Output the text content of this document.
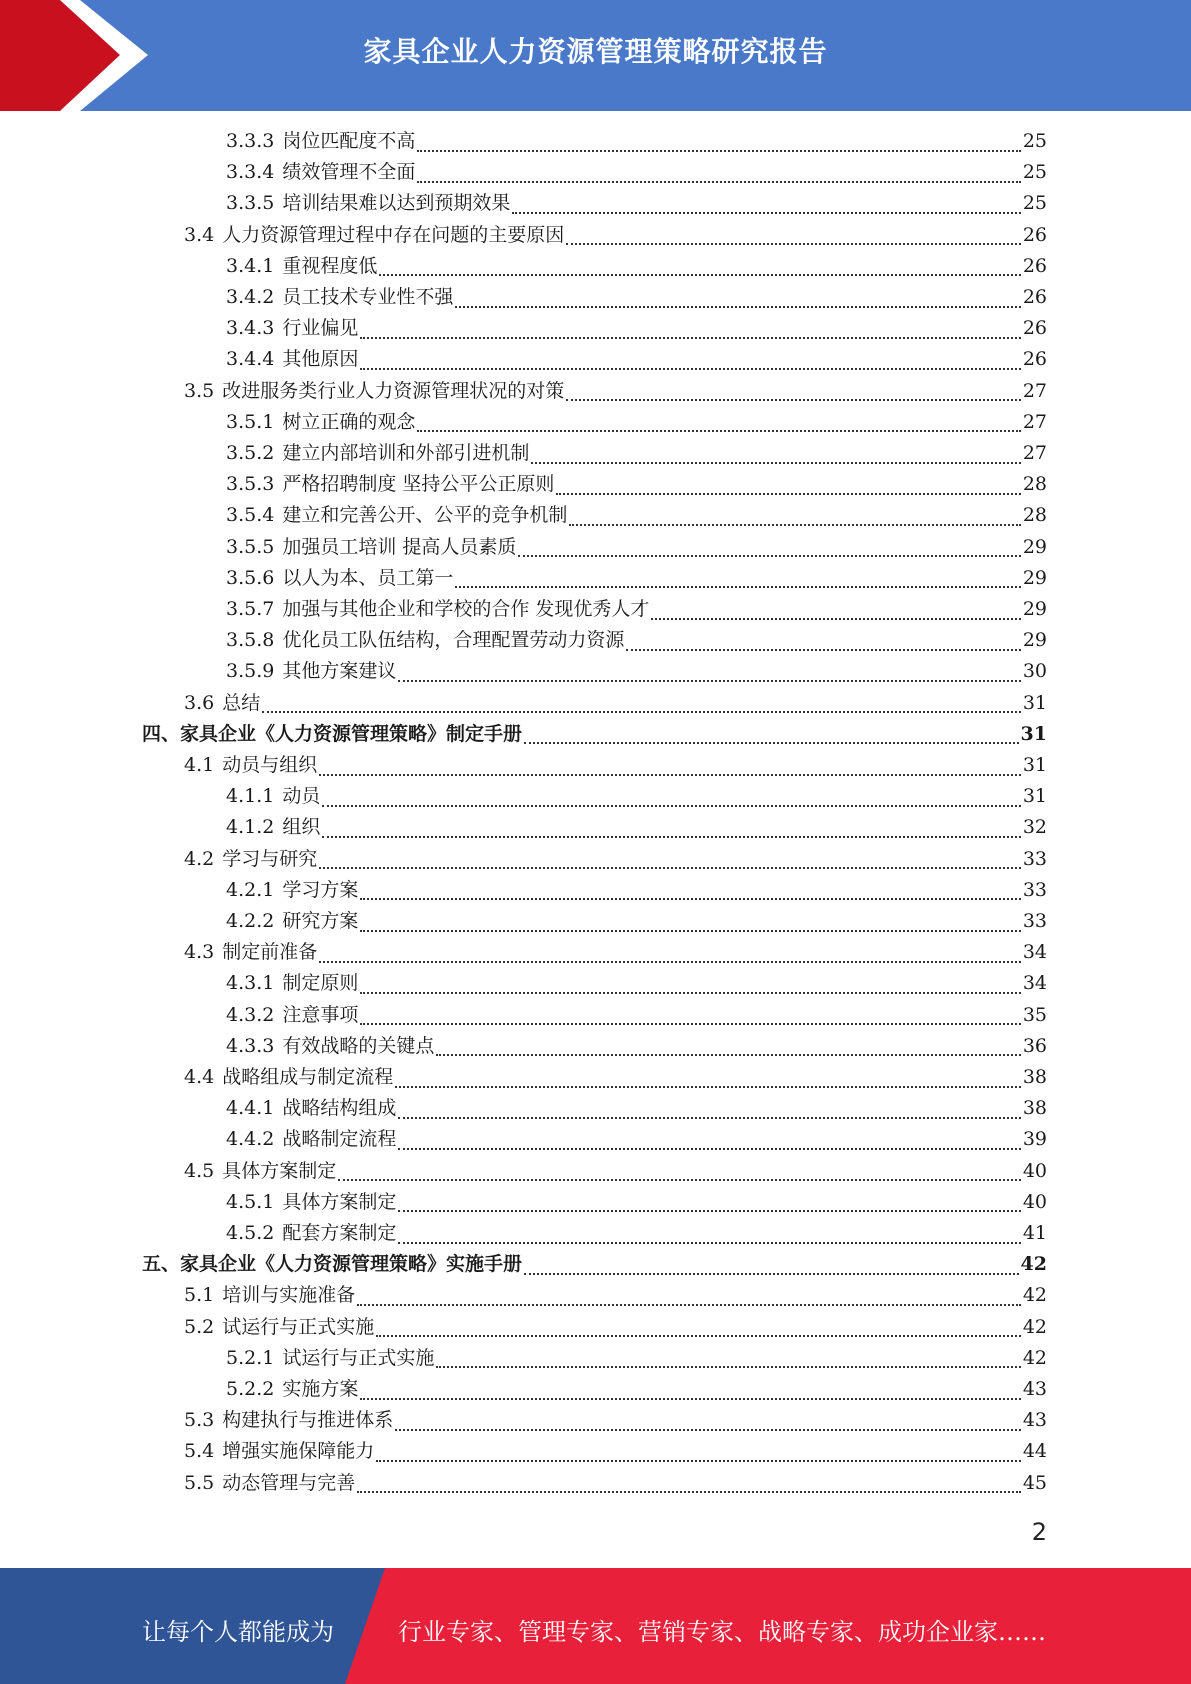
家具企业人力资源管理策略研究报告
3.3.3 岗位匹配度不高	25
3.3.4 绩效管理不全面	25
3.3.5 培训结果难以达到预期效果	25
3.4 人力资源管理过程中存在问题的主要原因	26
3.4.1 重视程度低	26
3.4.2 员工技术专业性不强	26
3.4.3 行业偏见	26
3.4.4 其他原因	26
3.5 改进服务类行业人力资源管理状况的对策	27
3.5.1 树立正确的观念	27
3.5.2 建立内部培训和外部引进机制	27
3.5.3 严格招聘制度 坚持公平公正原则	28
3.5.4 建立和完善公开、公平的竞争机制	28
3.5.5 加强员工培训 提高人员素质	29
3.5.6 以人为本、员工第一	29
3.5.7 加强与其他企业和学校的合作 发现优秀人才	29
3.5.8 优化员工队伍结构，合理配置劳动力资源	29
3.5.9 其他方案建议	30
3.6 总结	31
四、家具企业《人力资源管理策略》制定手册	31
4.1 动员与组织	31
4.1.1 动员	31
4.1.2 组织	32
4.2 学习与研究	33
4.2.1 学习方案	33
4.2.2 研究方案	33
4.3 制定前准备	34
4.3.1 制定原则	34
4.3.2 注意事项	35
4.3.3 有效战略的关键点	36
4.4 战略组成与制定流程	38
4.4.1 战略结构组成	38
4.4.2 战略制定流程	39
4.5 具体方案制定	40
4.5.1 具体方案制定	40
4.5.2 配套方案制定	41
五、家具企业《人力资源管理策略》实施手册	42
5.1 培训与实施准备	42
5.2 试运行与正式实施	42
5.2.1 试运行与正式实施	42
5.2.2 实施方案	43
5.3 构建执行与推进体系	43
5.4 增强实施保障能力	44
5.5 动态管理与完善	45
2
让每个人都能成为	行业专家、管理专家、营销专家、战略专家、成功企业家……
